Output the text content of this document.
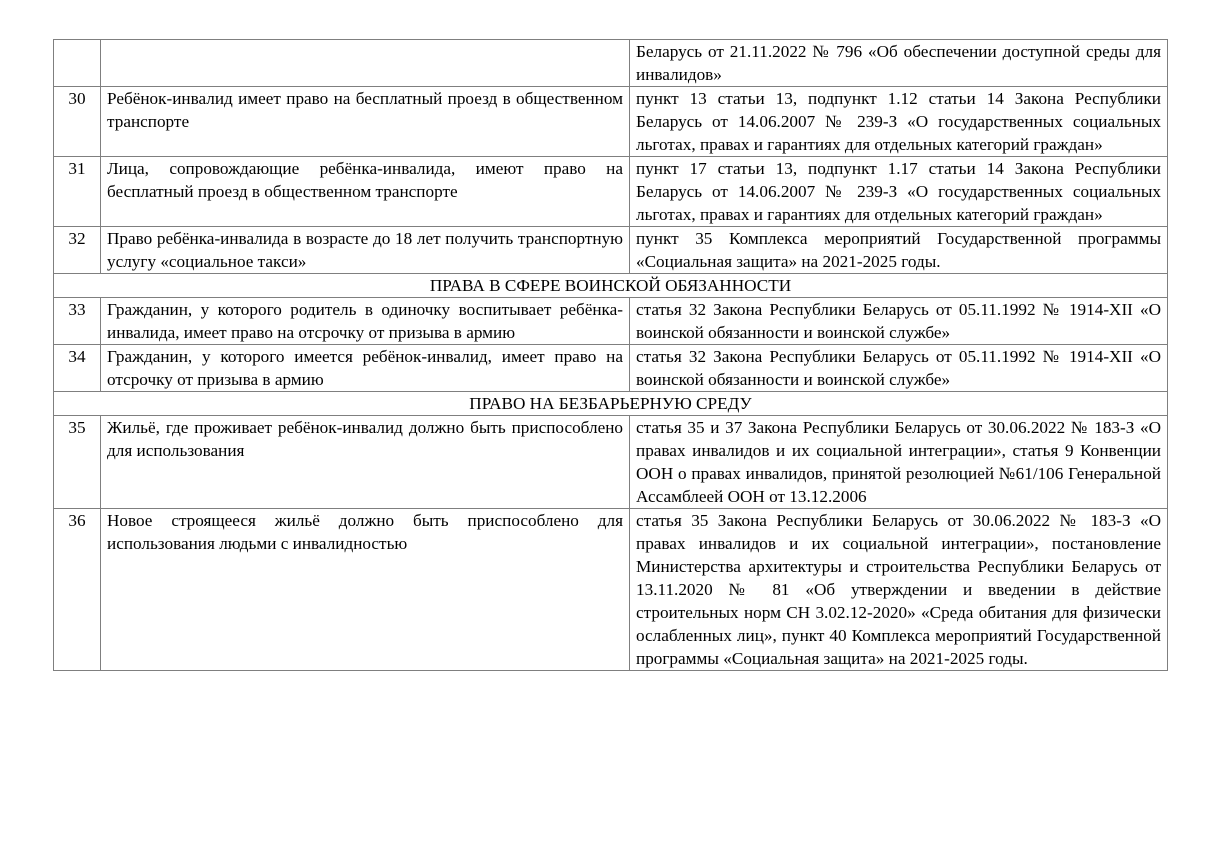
		Беларусь от 21.11.2022 № 796 «Об обеспечении доступной среды для инвалидов»
30	Ребёнок-инвалид имеет право на бесплатный проезд в общественном транспорте	пункт 13 статьи 13, подпункт 1.12 статьи 14 Закона Республики Беларусь от 14.06.2007 № 239-З «О государственных социальных льготах, правах и гарантиях для отдельных категорий граждан»
31	Лица, сопровождающие ребёнка-инвалида, имеют право на бесплатный проезд в общественном транспорте	пункт 17 статьи 13, подпункт 1.17 статьи 14 Закона Республики Беларусь от 14.06.2007 № 239-З «О государственных социальных льготах, правах и гарантиях для отдельных категорий граждан»
32	Право ребёнка-инвалида в возрасте до 18 лет получить транспортную услугу «социальное такси»	пункт 35 Комплекса мероприятий Государственной программы «Социальная защита» на 2021-2025 годы.
ПРАВА В СФЕРЕ ВОИНСКОЙ ОБЯЗАННОСТИ		
33	Гражданин, у которого родитель в одиночку воспитывает ребёнка-инвалида, имеет право на отсрочку от призыва в армию	статья 32 Закона Республики Беларусь от 05.11.1992 № 1914-XII «О воинской обязанности и воинской службе»
34	Гражданин, у которого имеется ребёнок-инвалид, имеет право на отсрочку от призыва в армию	статья 32 Закона Республики Беларусь от 05.11.1992 № 1914-XII «О воинской обязанности и воинской службе»
ПРАВО НА БЕЗБАРЬЕРНУЮ СРЕДУ		
35	Жильё, где проживает ребёнок-инвалид должно быть приспособлено для использования	статья 35 и 37 Закона Республики Беларусь от 30.06.2022 № 183-З «О правах инвалидов и их социальной интеграции», статья 9 Конвенции ООН о правах инвалидов, принятой резолюцией №61/106 Генеральной Ассамблеей ООН от 13.12.2006
36	Новое строящееся жильё должно быть приспособлено для использования людьми с инвалидностью	статья 35 Закона Республики Беларусь от 30.06.2022 № 183-З «О правах инвалидов и их социальной интеграции», постановление Министерства архитектуры и строительства Республики Беларусь от 13.11.2020 № 81 «Об утверждении и введении в действие строительных норм СН 3.02.12-2020» «Среда обитания для физически ослабленных лиц», пункт 40 Комплекса мероприятий Государственной программы «Социальная защита» на 2021-2025 годы.
